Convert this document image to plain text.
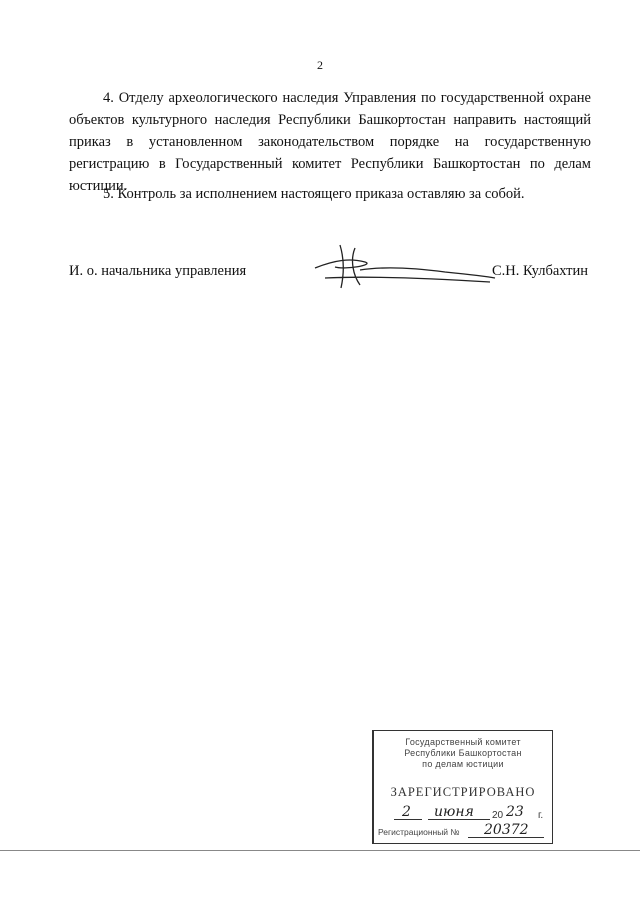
2

4. Отделу археологического наследия Управления по государственной охране объектов культурного наследия Республики Башкортостан направить настоящий приказ в установленном законодательством порядке на государственную регистрацию в Государственный комитет Республики Башкортостан по делам юстиции.

5. Контроль за исполнением настоящего приказа оставляю за собой.

И. о. начальника управления	С.Н. Кулбахтин
Государственный комитет
Республики Башкортостан
по делам юстиции
ЗАРЕГИСТРИРОВАНО
2 июня 20 23 г.
Регистрационный № 20372
